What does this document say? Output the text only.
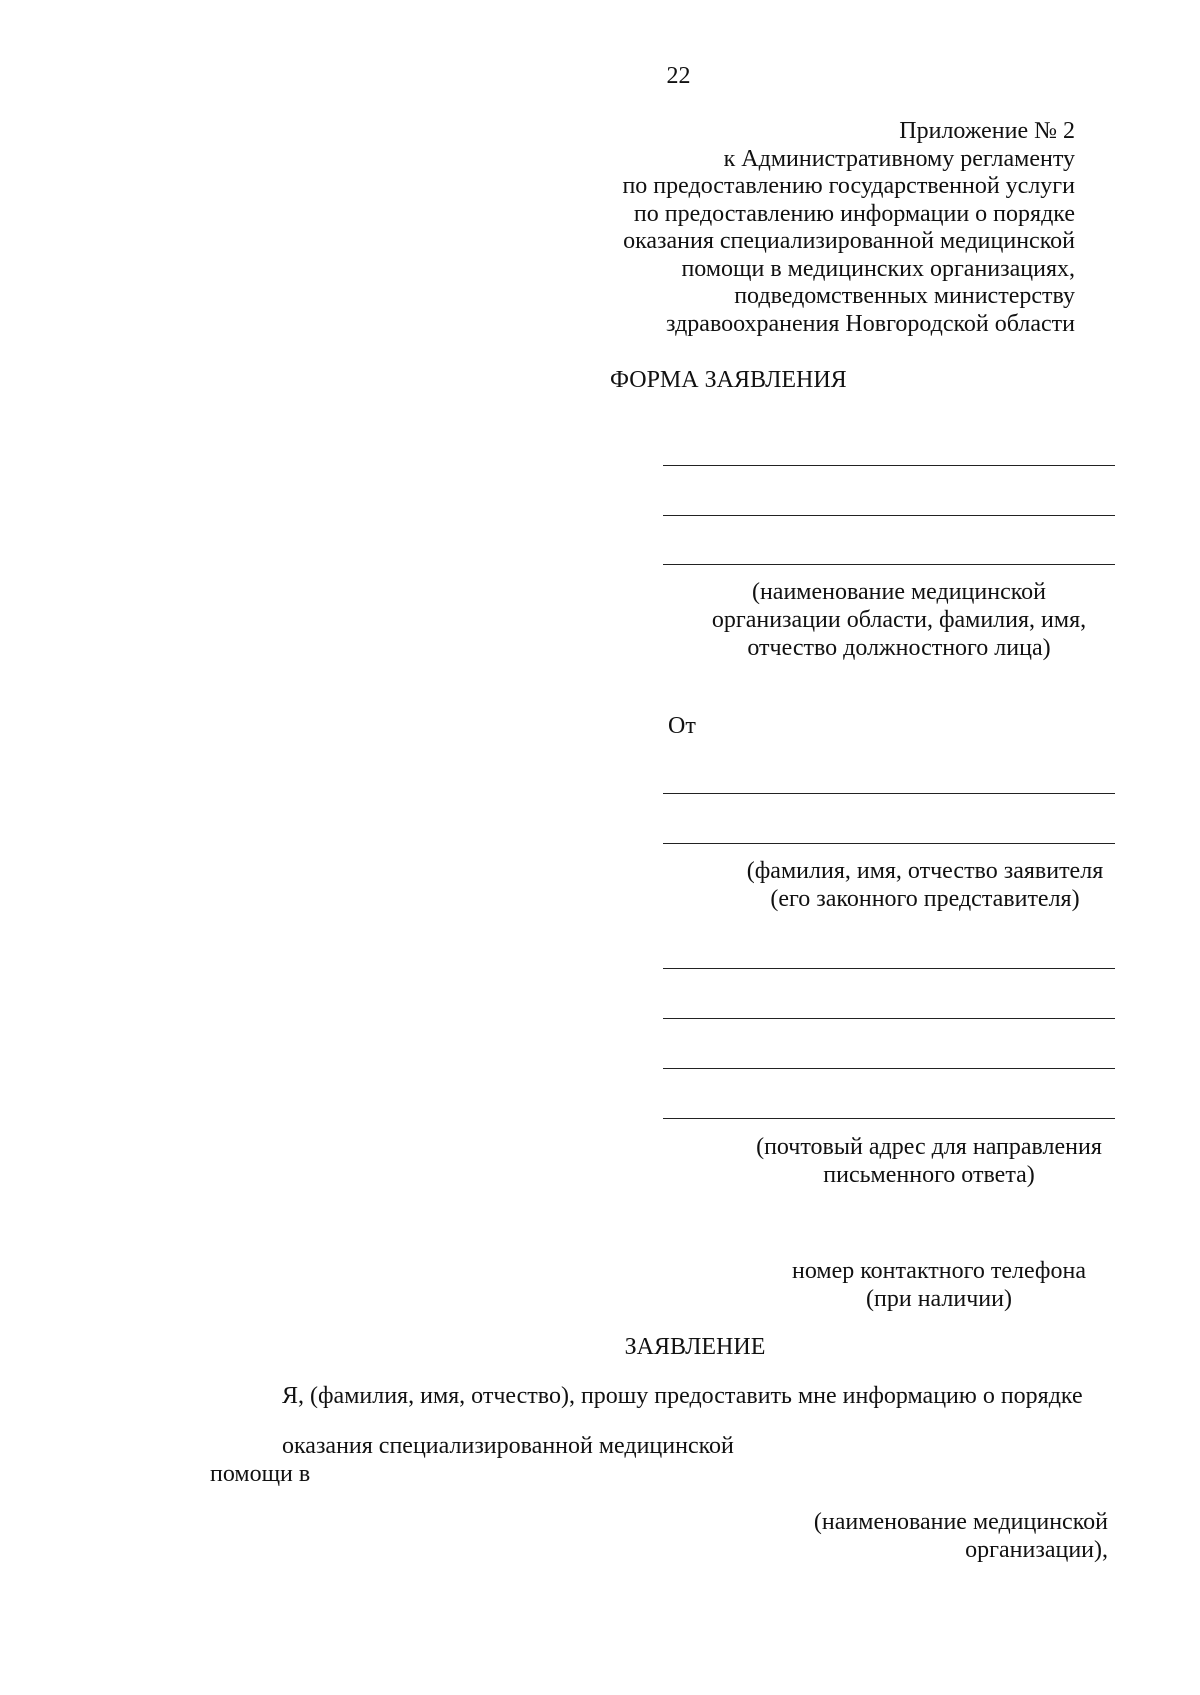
22
Приложение № 2
к Административному регламенту
по предоставлению государственной услуги
по предоставлению информации о порядке
оказания специализированной медицинской
помощи в медицинских организациях,
подведомственных министерству
здравоохранения Новгородской области
ФОРМА ЗАЯВЛЕНИЯ
(наименование медицинской
организации области, фамилия, имя,
отчество должностного лица)
От
(фамилия, имя, отчество заявителя
(его законного представителя)
(почтовый адрес для направления
письменного ответа)
номер контактного телефона
(при наличии)
ЗАЯВЛЕНИЕ
Я, (фамилия, имя, отчество), прошу предоставить мне информацию о порядке
оказания специализированной медицинской
помощи в
(наименование медицинской
организации),
